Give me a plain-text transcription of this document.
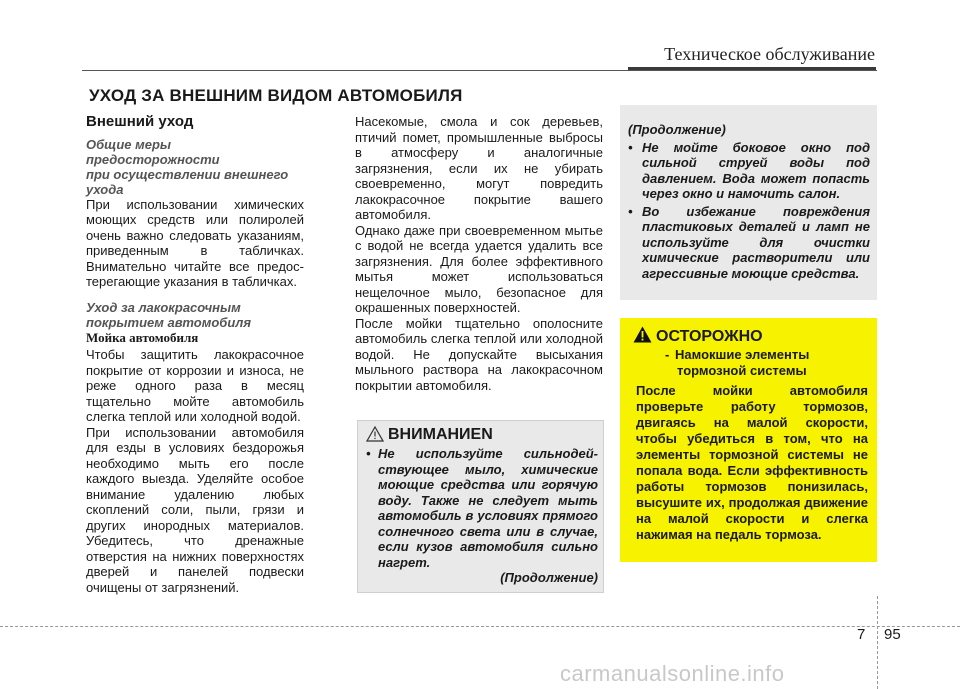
Техническое обслуживание
УХОД ЗА ВНЕШНИМ ВИДОМ АВТОМОБИЛЯ
Внешний уход
Общие меры предосторожности
при осуществлении внешнего
ухода

При использовании химических моющих средств или полиролей очень важно следовать указаниям, приведенным в табличках. Внимательно читайте все предос-терегающие указания в табличках.

Уход за лакокрасочным
покрытием автомобиля
Мойка автомобиля

Чтобы защитить лакокрасочное покрытие от коррозии и износа, не реже одного раза в месяц тщательно мойте автомобиль слегка теплой или холодной водой.

При использовании автомобиля для езды в условиях бездорожья необходимо мыть его после каждого выезда. Уделяйте особое внимание удалению любых скоплений соли, пыли, грязи и других инородных материалов. Убедитесь, что дренажные отверстия на нижних поверхностях дверей и панелей подвески очищены от загрязнений.

Насекомые, смола и сок деревьев, птичий помет, промышленные выбросы в атмосферу и аналогичные загрязнения, если их не убирать своевременно, могут повредить лакокрасочное покрытие вашего автомобиля.

Однако даже при своевременном мытье с водой не всегда удается удалить все загрязнения. Для более эффективного мытья может использоваться нещелочное мыло, безопасное для окрашенных поверхностей.

После мойки тщательно ополосните автомобиль слегка теплой или холодной водой. Не допускайте высыхания мыльного раствора на лакокрасочном покрытии автомобиля.

ВНИМАНИЕN
• Не используйте сильнодей-ствующее мыло, химические моющие средства или горячую воду. Также не следует мыть автомобиль в условиях прямого солнечного света или в случае, если кузов автомобиля сильно нагрет.
(Продолжение)
(Продолжение)
• Не мойте боковое окно под сильной струей воды под давлением. Вода может попасть через окно и намочить салон.
• Во избежание повреждения пластиковых деталей и ламп не используйте для очистки химические растворители или агрессивные моющие средства.
ОСТОРОЖНО
- Намокшие элементы
тормозной системы
После мойки автомобиля проверьте работу тормозов, двигаясь на малой скорости, чтобы убедиться в том, что на элементы тормозной системы не попала вода. Если эффективность работы тормозов понизилась, высушите их, продолжая движение на малой скорости и слегка нажимая на педаль тормоза.
7 95
carmanualsonline.info
